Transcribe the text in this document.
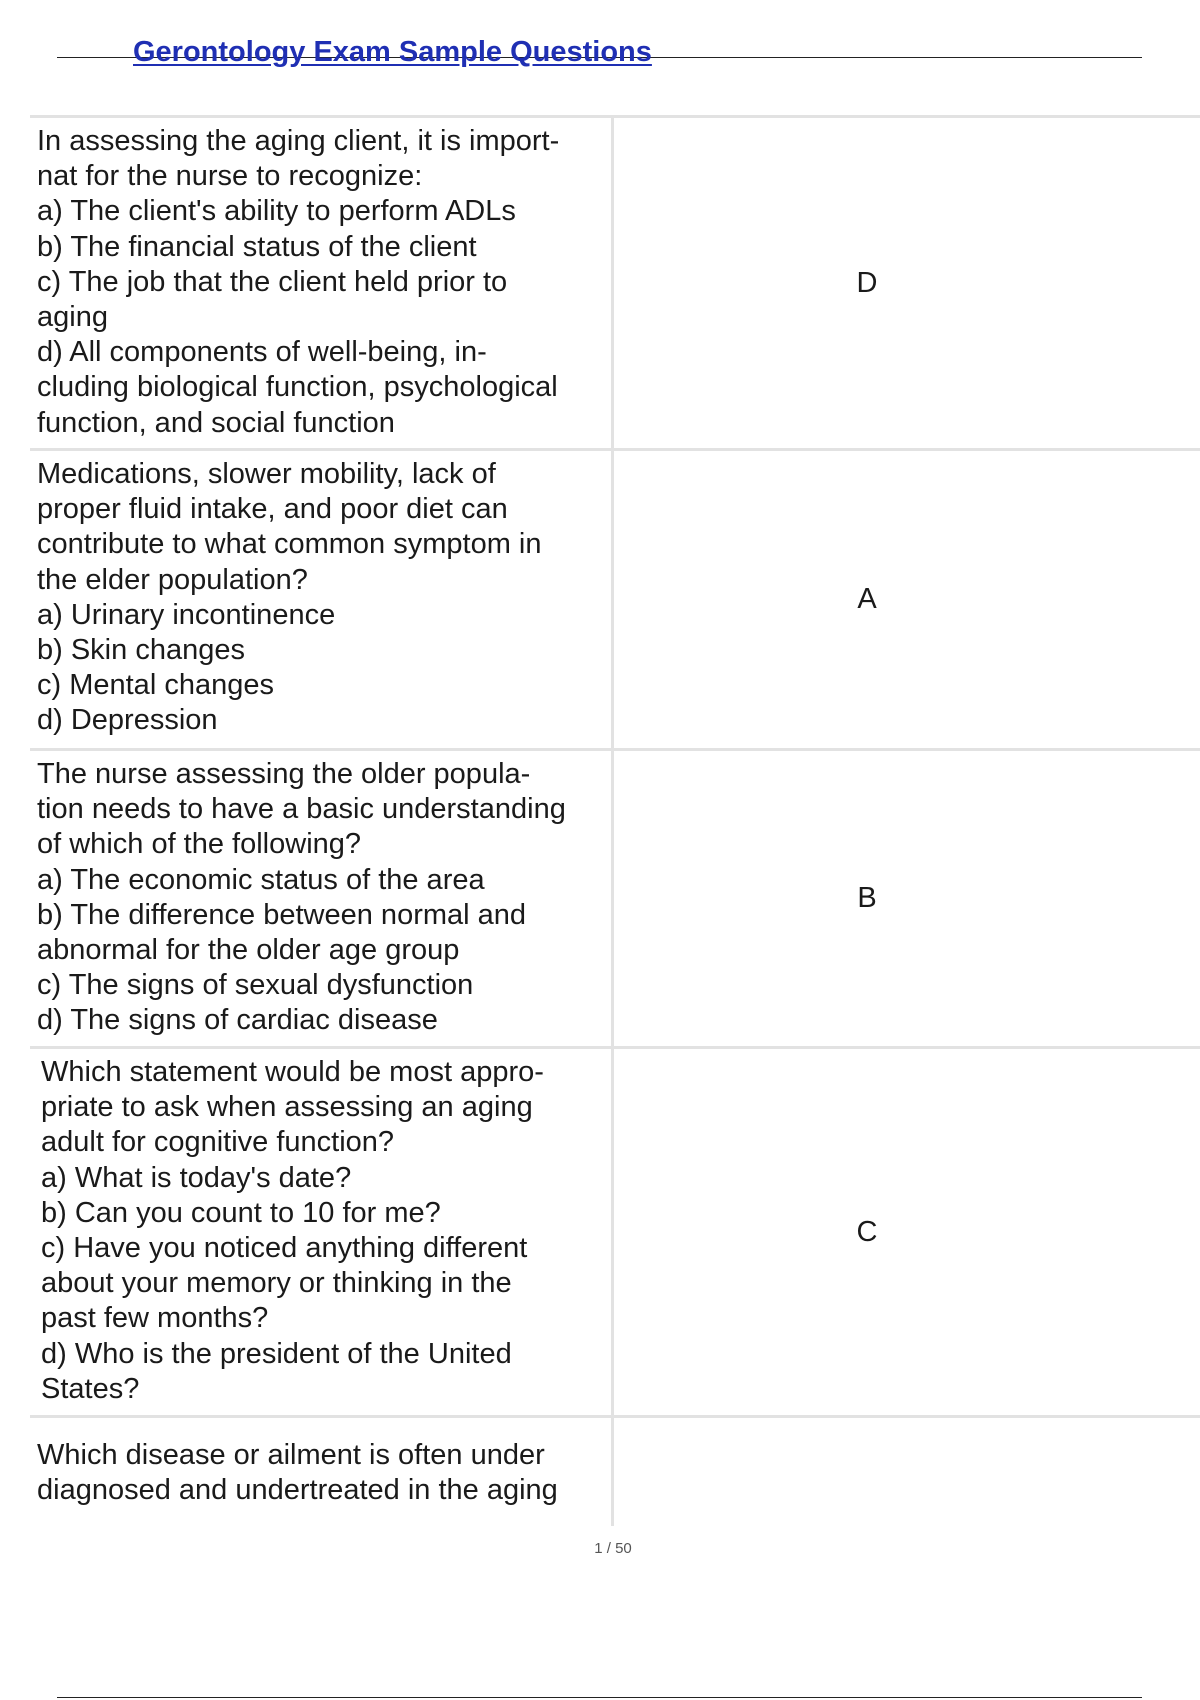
Gerontology Exam Sample Questions
In assessing the aging client, it is import-
nat for the nurse to recognize:
a) The client's ability to perform ADLs
b) The financial status of the client
c) The job that the client held prior to
aging
d) All components of well-being, in-
cluding biological function, psychological
function, and social function
D
Medications, slower mobility, lack of
proper fluid intake, and poor diet can
contribute to what common symptom in
the elder population?
a) Urinary incontinence
b) Skin changes
c) Mental changes
d) Depression
A
The nurse assessing the older popula-
tion needs to have a basic understanding
of which of the following?
a) The economic status of the area
b) The difference between normal and
abnormal for the older age group
c) The signs of sexual dysfunction
d) The signs of cardiac disease
B
Which statement would be most appro-
priate to ask when assessing an aging
adult for cognitive function?
a) What is today's date?
b) Can you count to 10 for me?
c) Have you noticed anything different
about your memory or thinking in the
past few months?
d) Who is the president of the United
States?
C
Which disease or ailment is often under
diagnosed and undertreated in the aging
1 / 50
